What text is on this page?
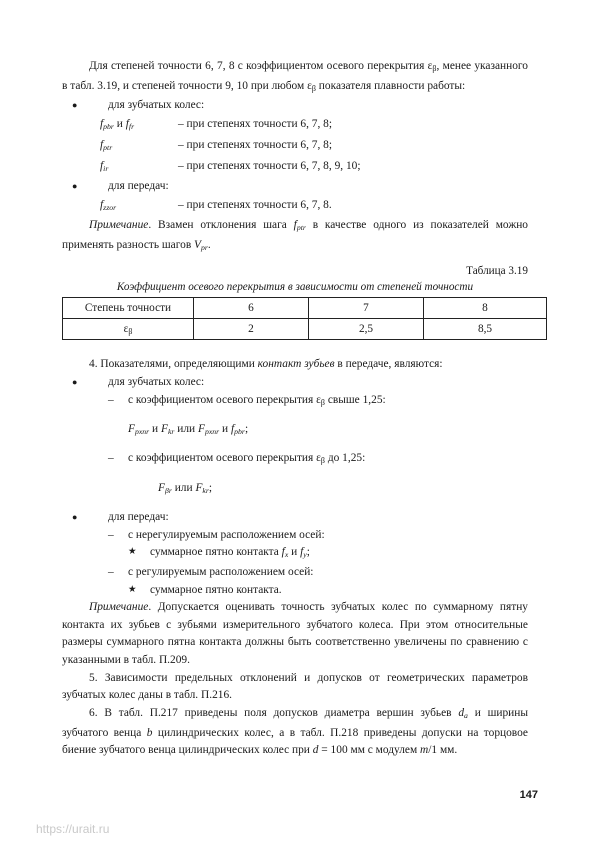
Для степеней точности 6, 7, 8 с коэффициентом осевого перекрытия εβ, менее указанного в табл. 3.19, и степеней точности 9, 10 при любом εβ показателя плавности работы:

●	для зубчатых колес:
$f_{pbr}$ и $f_{fr}$	– при степенях точности 6, 7, 8;
$f_{ptr}$	– при степенях точности 6, 7, 8;
$f_{ir}$	– при степенях точности 6, 7, 8, 9, 10;
●	для передач:
$f_{zzor}$	– при степенях точности 6, 7, 8.

Примечание. Взамен отклонения шага $f_{ptr}$ в качестве одного из показателей можно применять разность шагов $V_{pr}$.

Таблица 3.19
Коэффициент осевого перекрытия в зависимости от степеней точности
Степень точности	6	7	8
εβ	2	2,5	8,5

4. Показателями, определяющими контакт зубьев в передаче, являются:

●	для зубчатых колес:
– с коэффициентом осевого перекрытия εβ свыше 1,25:
$F_{pxnr}$ и $F_{kr}$ или $F_{pxnr}$ и $f_{pbr}$;
– с коэффициентом осевого перекрытия εβ до 1,25:
$F_{\beta r}$ или $F_{kr}$;
●	для передач:
– с нерегулируемым расположением осей:
★ суммарное пятно контакта $f_x$ и $f_y$;
– с регулируемым расположением осей:
★ суммарное пятно контакта.

Примечание. Допускается оценивать точность зубчатых колес по суммарному пятну контакта их зубьев с зубьями измерительного зубчатого колеса. При этом относительные размеры суммарного пятна контакта должны быть соответственно увеличены по сравнению с указанными в табл. П.209.

5. Зависимости предельных отклонений и допусков от геометрических параметров зубчатых колес даны в табл. П.216.

6. В табл. П.217 приведены поля допусков диаметра вершин зубьев $d_a$ и ширины зубчатого венца b цилиндрических колес, а в табл. П.218 приведены допуски на торцовое биение зубчатого венца цилиндрических колес при d = 100 мм с модулем m/1 мм.

147
https://urait.ru
